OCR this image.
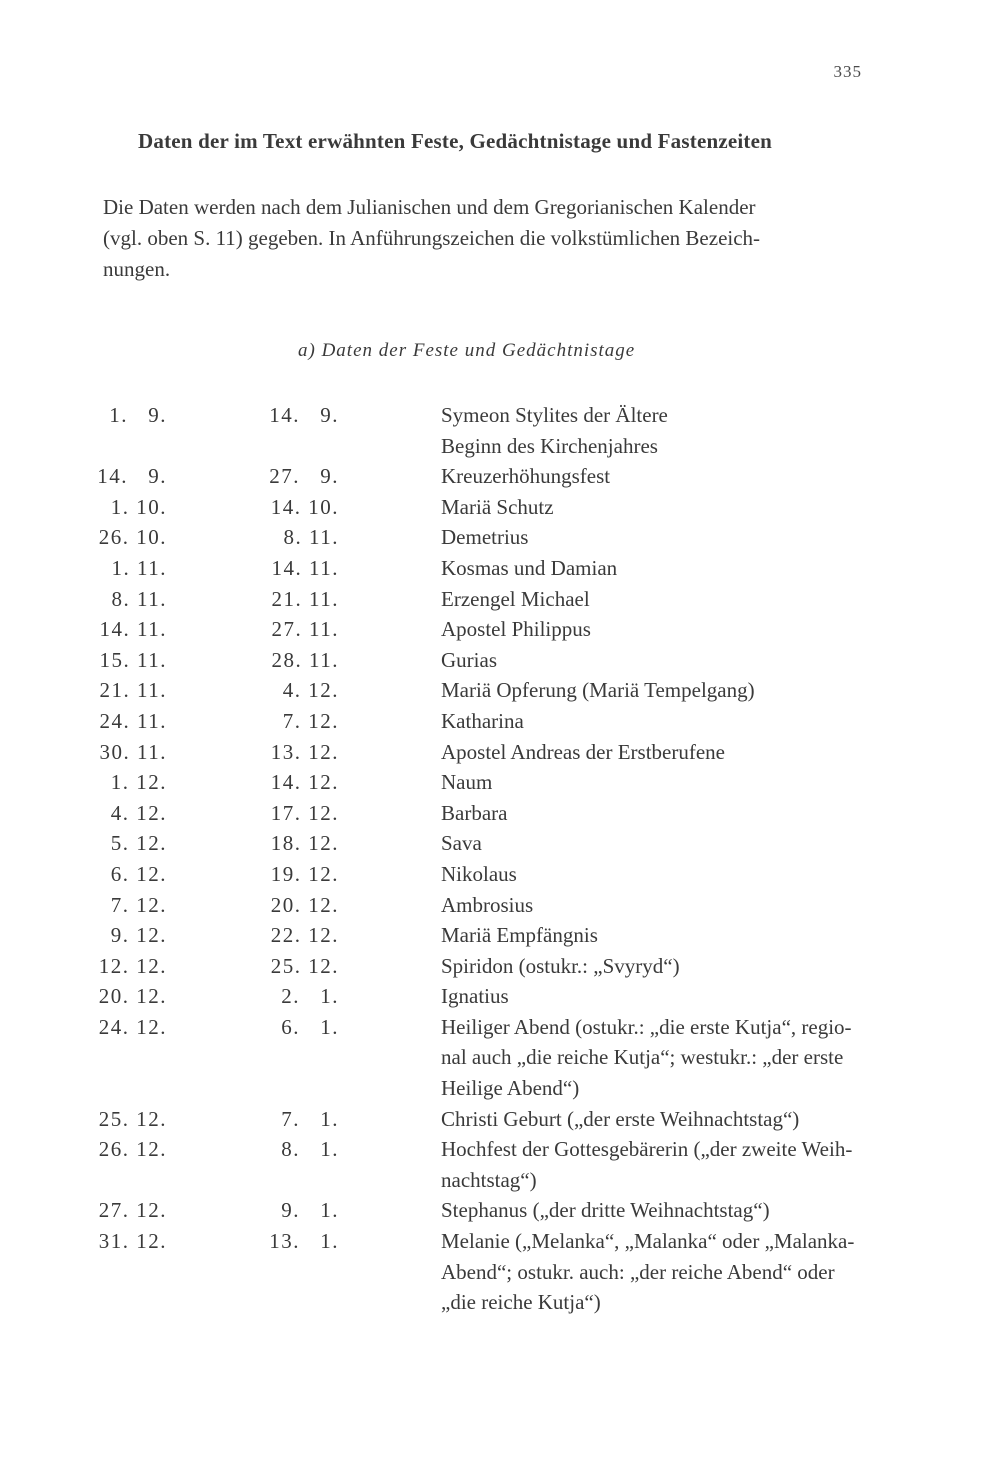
335
Daten der im Text erwähnten Feste, Gedächtnistage und Fastenzeiten
Die Daten werden nach dem Julianischen und dem Gregorianischen Kalender
(vgl. oben S. 11) gegeben. In Anführungszeichen die volkstümlichen Bezeich-
nungen.
a) Daten der Feste und Gedächtnistage
1.   9.	14.   9.	Symeon Stylites der Ältere
Beginn des Kirchenjahres
14.   9.	27.   9.	Kreuzerhöhungsfest
1. 10.	14. 10.	Mariä Schutz
26. 10.	8. 11.	Demetrius
1. 11.	14. 11.	Kosmas und Damian
8. 11.	21. 11.	Erzengel Michael
14. 11.	27. 11.	Apostel Philippus
15. 11.	28. 11.	Gurias
21. 11.	4. 12.	Mariä Opferung (Mariä Tempelgang)
24. 11.	7. 12.	Katharina
30. 11.	13. 12.	Apostel Andreas der Erstberufene
1. 12.	14. 12.	Naum
4. 12.	17. 12.	Barbara
5. 12.	18. 12.	Sava
6. 12.	19. 12.	Nikolaus
7. 12.	20. 12.	Ambrosius
9. 12.	22. 12.	Mariä Empfängnis
12. 12.	25. 12.	Spiridon (ostukr.: „Svyryd“)
20. 12.	2.   1.	Ignatius
24. 12.	6.   1.	Heiliger Abend (ostukr.: „die erste Kutja“, regio-
nal auch „die reiche Kutja“; westukr.: „der erste
Heilige Abend“)
25. 12.	7.   1.	Christi Geburt („der erste Weihnachtstag“)
26. 12.	8.   1.	Hochfest der Gottesgebärerin („der zweite Weih-
nachtstag“)
27. 12.	9.   1.	Stephanus („der dritte Weihnachtstag“)
31. 12.	13.   1.	Melanie („Melanka“, „Malanka“ oder „Malanka-
Abend“; ostukr. auch: „der reiche Abend“ oder
„die reiche Kutja“)
